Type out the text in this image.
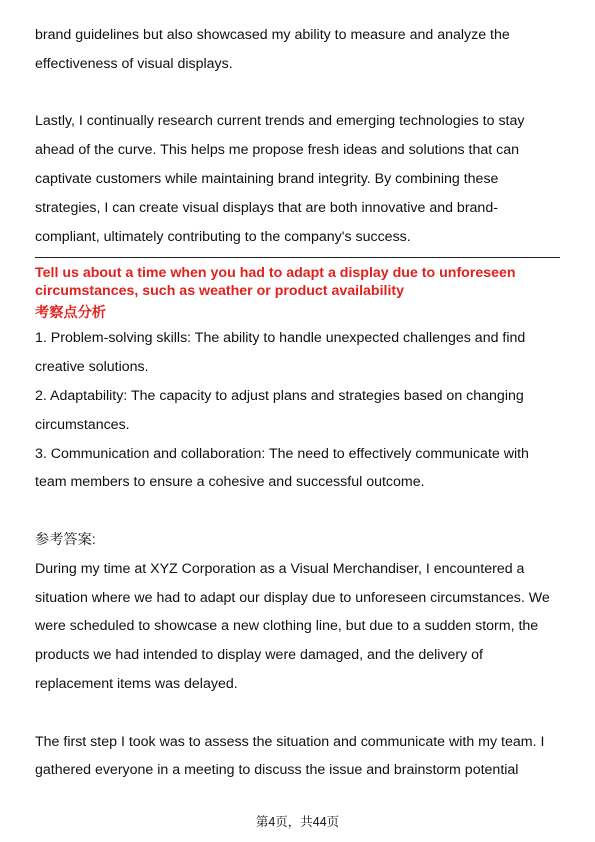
brand guidelines but also showcased my ability to measure and analyze the effectiveness of visual displays.

Lastly, I continually research current trends and emerging technologies to stay ahead of the curve. This helps me propose fresh ideas and solutions that can captivate customers while maintaining brand integrity. By combining these strategies, I can create visual displays that are both innovative and brand-compliant, ultimately contributing to the company's success.

Tell us about a time when you had to adapt a display due to unforeseen circumstances, such as weather or product availability

考察点分析

1. Problem-solving skills: The ability to handle unexpected challenges and find creative solutions.

2. Adaptability: The capacity to adjust plans and strategies based on changing circumstances.

3. Communication and collaboration: The need to effectively communicate with team members to ensure a cohesive and successful outcome.

参考答案:

During my time at XYZ Corporation as a Visual Merchandiser, I encountered a situation where we had to adapt our display due to unforeseen circumstances. We were scheduled to showcase a new clothing line, but due to a sudden storm, the products we had intended to display were damaged, and the delivery of replacement items was delayed.

The first step I took was to assess the situation and communicate with my team. I gathered everyone in a meeting to discuss the issue and brainstorm potential

第4页，共44页
